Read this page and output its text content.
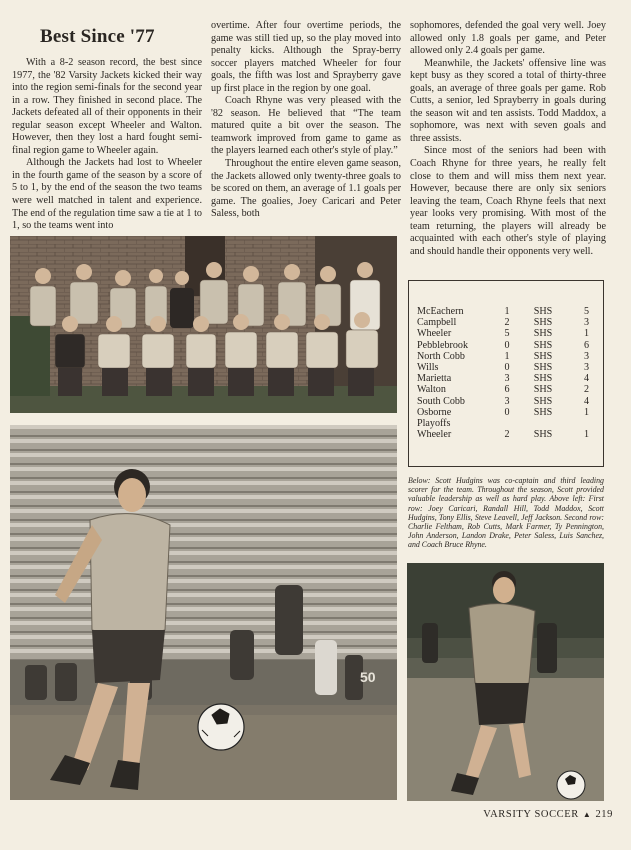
Best Since '77

With a 8-2 season record, the best since 1977, the '82 Varsity Jackets kicked their way into the region semi-finals for the second year in a row. They finished in second place. The Jackets defeated all of their opponents in their regular season except Wheeler and Walton. However, then they lost a hard fought semi-final region game to Wheeler again.

Although the Jackets had lost to Wheeler in the fourth game of the season by a score of 5 to 1, by the end of the season the two teams were well matched in talent and experience. The end of the regulation time saw a tie at 1 to 1, so the teams went into

overtime. After four overtime periods, the game was still tied up, so the play moved into penalty kicks. Although the Spray-berry soccer players matched Wheeler for four goals, the fifth was lost and Sprayberry gave up first place in the region by one goal.

Coach Rhyne was very pleased with the '82 season. He believed that “The team matured quite a bit over the season. The teamwork improved from game to game as the players learned each other's style of play.”

Throughout the entire eleven game season, the Jackets allowed only twenty-three goals to be scored on them, an average of 1.1 goals per game. The goalies, Joey Caricari and Peter Saless, both

sophomores, defended the goal very well. Joey allowed only 1.8 goals per game, and Peter allowed only 2.4 goals per game.

Meanwhile, the Jackets' offensive line was kept busy as they scored a total of thirty-three goals, an average of three goals per game. Rob Cutts, a senior, led Sprayberry in goals during the season wit and ten assists. Todd Maddox, a sophomore, was next with seven goals and three assists.

Since most of the seniors had been with Coach Rhyne for three years, he really felt close to them and will miss them next year. However, because there are only six seniors leaving the team, Coach Rhyne feels that next year looks very promising. With most of the team returning, the players will already be acquainted with each other's style of playing and should handle their opponents very well.

50
McEachern	1	SHS	5
Campbell	2	SHS	3
Wheeler	5	SHS	1
Pebblebrook	0	SHS	6
North Cobb	1	SHS	3
Wills	0	SHS	3
Marietta	3	SHS	4
Walton	6	SHS	2
South Cobb	3	SHS	4
Osborne	0	SHS	1
Playoffs			
Wheeler	2	SHS	1
Below: Scott Hudgins was co-captain and third leading scorer for the team. Throughout the season, Scott provided valuable leadership as well as hard play. Above left: First row: Joey Caricari, Randall Hill, Todd Maddox, Scott Hudgins, Tony Ellis, Steve Leavell, Jeff Jackson. Second row: Charlie Feltham, Rob Cutts, Mark Farmer, Ty Pennington, John Anderson, Landon Drake, Peter Saless, Luis Sanchez, and Coach Bruce Rhyne.
VARSITY SOCCER ▲ 219
